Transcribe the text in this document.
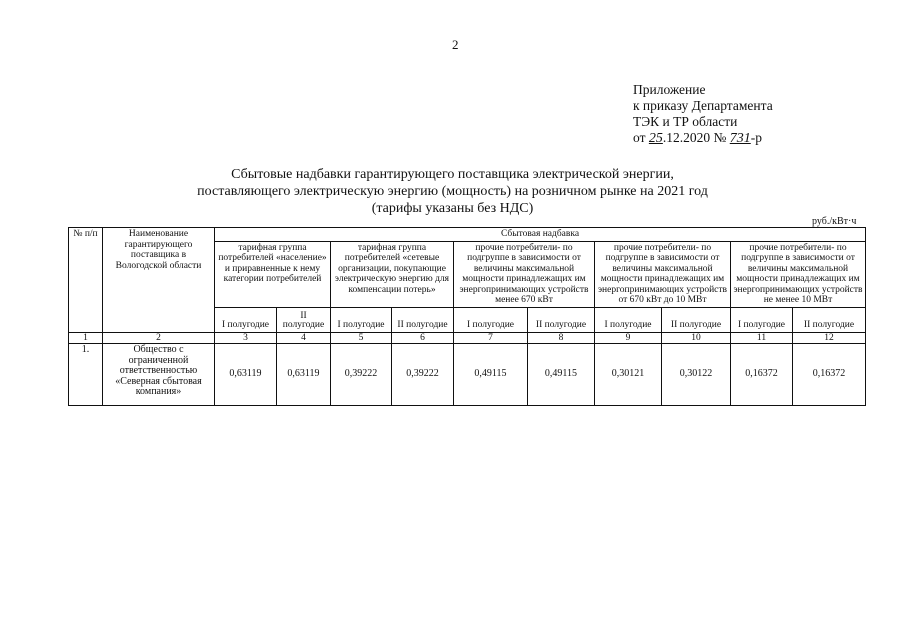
2
Приложение
к приказу Департамента
ТЭК и ТР области
от 25.12.2020 № 731-р
Сбытовые надбавки гарантирующего поставщика электрической энергии,
поставляющего электрическую энергию (мощность) на розничном рынке на 2021 год
(тарифы указаны без НДС)
руб./кВт·ч
№ п/п	Наименование гарантирующего поставщика в Вологодской области	Сбытовая надбавка									
		тарифная группа потребителей «население» и приравненные к нему категории потребителей		тарифная группа потребителей «сетевые организации, покупающие электрическую энергию для компенсации потерь»		прочие потребители- по подгруппе в зависимости от величины максимальной мощности принадлежащих им энергопринимающих устройств менее 670 кВт		прочие потребители- по подгруппе в зависимости от величины максимальной мощности принадлежащих им энергопринимающих устройств от 670 кВт до 10 МВт		прочие потребители- по подгруппе в зависимости от величины максимальной мощности принадлежащих им энергопринимающих устройств не менее 10 МВт	
		I полугодие	II полугодие	I полугодие	II полугодие	I полугодие	II полугодие	I полугодие	II полугодие	I полугодие	II полугодие
1	2	3	4	5	6	7	8	9	10	11	12
1.	Общество с ограниченной ответственностью «Северная сбытовая компания»	0,63119	0,63119	0,39222	0,39222	0,49115	0,49115	0,30121	0,30122	0,16372	0,16372
